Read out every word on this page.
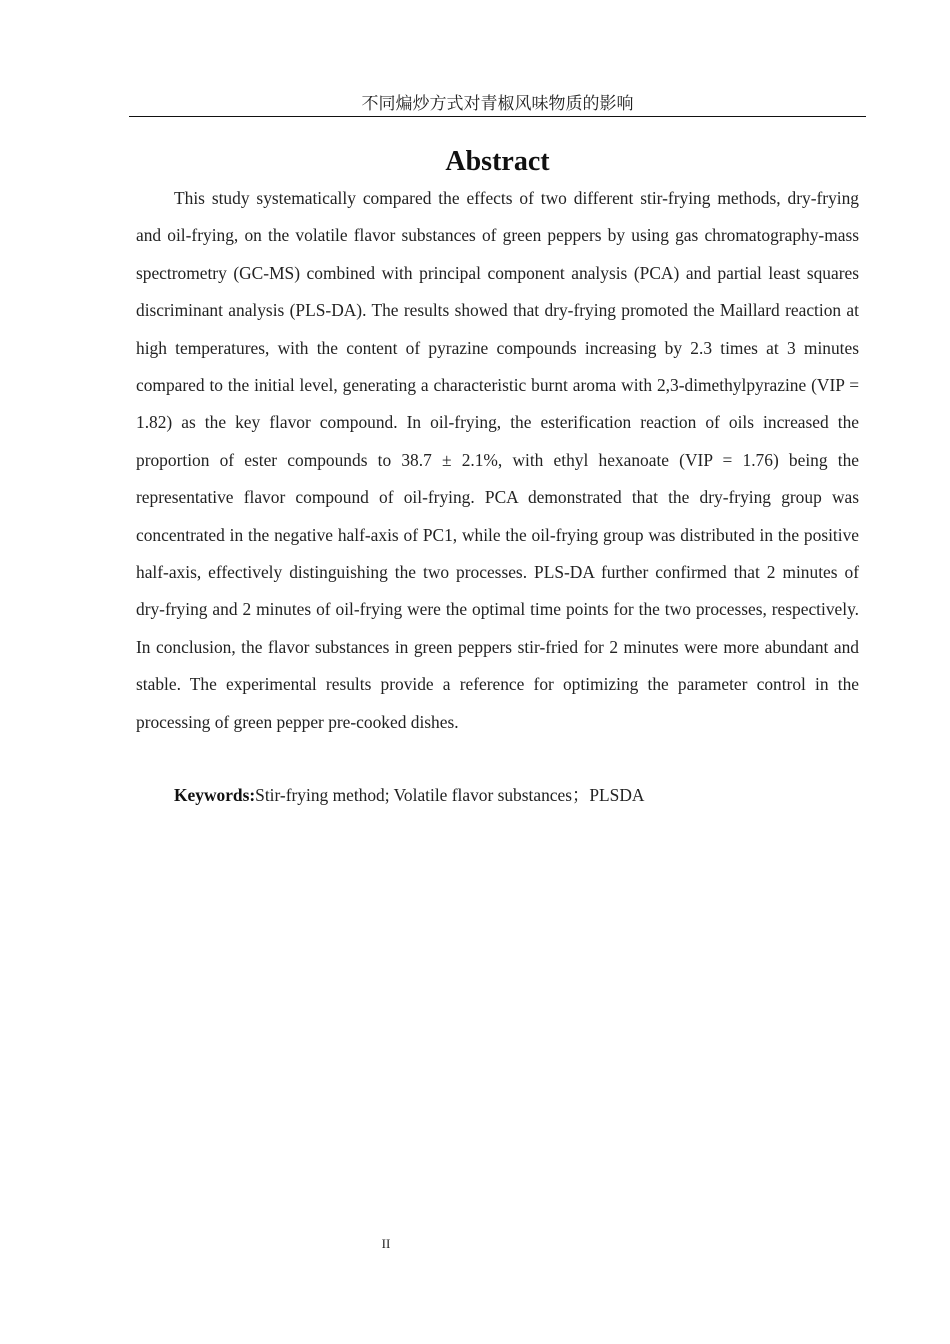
不同煸炒方式对青椒风味物质的影响
Abstract

This study systematically compared the effects of two different stir-frying methods, dry-frying and oil-frying, on the volatile flavor substances of green peppers by using gas chromatography-mass spectrometry (GC-MS) combined with principal component analysis (PCA) and partial least squares discriminant analysis (PLS-DA). The results showed that dry-frying promoted the Maillard reaction at high temperatures, with the content of pyrazine compounds increasing by 2.3 times at 3 minutes compared to the initial level, generating a characteristic burnt aroma with 2,3-dimethylpyrazine (VIP = 1.82) as the key flavor compound. In oil-frying, the esterification reaction of oils increased the proportion of ester compounds to 38.7 ± 2.1%, with ethyl hexanoate (VIP = 1.76) being the representative flavor compound of oil-frying. PCA demonstrated that the dry-frying group was concentrated in the negative half-axis of PC1, while the oil-frying group was distributed in the positive half-axis, effectively distinguishing the two processes. PLS-DA further confirmed that 2 minutes of dry-frying and 2 minutes of oil-frying were the optimal time points for the two processes, respectively. In conclusion, the flavor substances in green peppers stir-fried for 2 minutes were more abundant and stable. The experimental results provide a reference for optimizing the parameter control in the processing of green pepper pre-cooked dishes.

Keywords:Stir-frying method; Volatile flavor substances；PLSDA

II
